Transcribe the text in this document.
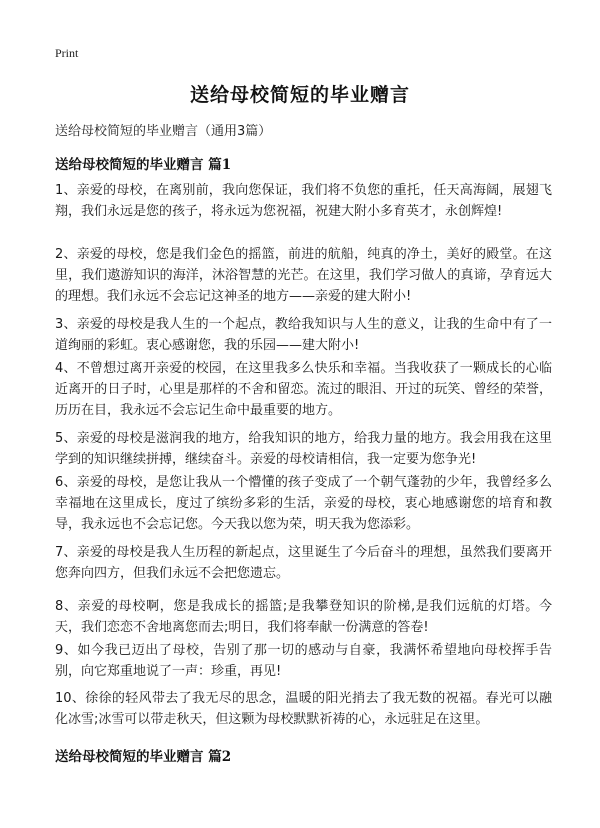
Print
送给母校简短的毕业赠言

送给母校简短的毕业赠言（通用3篇）

送给母校简短的毕业赠言 篇1

1、亲爱的母校，在离别前，我向您保证，我们将不负您的重托，任天高海阔，展翅飞翔，我们永远是您的孩子，将永远为您祝福，祝建大附小多育英才，永创辉煌!

2、亲爱的母校，您是我们金色的摇篮，前进的航船，纯真的净土，美好的殿堂。在这里，我们遨游知识的海洋，沐浴智慧的光芒。在这里，我们学习做人的真谛，孕育远大的理想。我们永远不会忘记这神圣的地方——亲爱的建大附小!

3、亲爱的母校是我人生的一个起点，教给我知识与人生的意义，让我的生命中有了一道绚丽的彩虹。衷心感谢您，我的乐园——建大附小!

4、不曾想过离开亲爱的校园，在这里我多么快乐和幸福。当我收获了一颗成长的心临近离开的日子时，心里是那样的不舍和留恋。流过的眼泪、开过的玩笑、曾经的荣誉，历历在目，我永远不会忘记生命中最重要的地方。

5、亲爱的母校是滋润我的地方，给我知识的地方，给我力量的地方。我会用我在这里学到的知识继续拼搏，继续奋斗。亲爱的母校请相信，我一定要为您争光!

6、亲爱的母校，是您让我从一个懵懂的孩子变成了一个朝气蓬勃的少年，我曾经多么幸福地在这里成长，度过了缤纷多彩的生活，亲爱的母校，衷心地感谢您的培育和教导，我永远也不会忘记您。今天我以您为荣，明天我为您添彩。

7、亲爱的母校是我人生历程的新起点，这里诞生了今后奋斗的理想，虽然我们要离开您奔向四方，但我们永远不会把您遗忘。

8、亲爱的母校啊，您是我成长的摇篮;是我攀登知识的阶梯,是我们远航的灯塔。今天，我们恋恋不舍地离您而去;明日，我们将奉献一份满意的答卷!

9、如今我已迈出了母校，告别了那一切的感动与自豪，我满怀希望地向母校挥手告别，向它郑重地说了一声：珍重，再见!

10、徐徐的轻风带去了我无尽的思念，温暖的阳光捎去了我无数的祝福。春光可以融化冰雪;冰雪可以带走秋天，但这颗为母校默默祈祷的心，永远驻足在这里。

送给母校简短的毕业赠言 篇2
